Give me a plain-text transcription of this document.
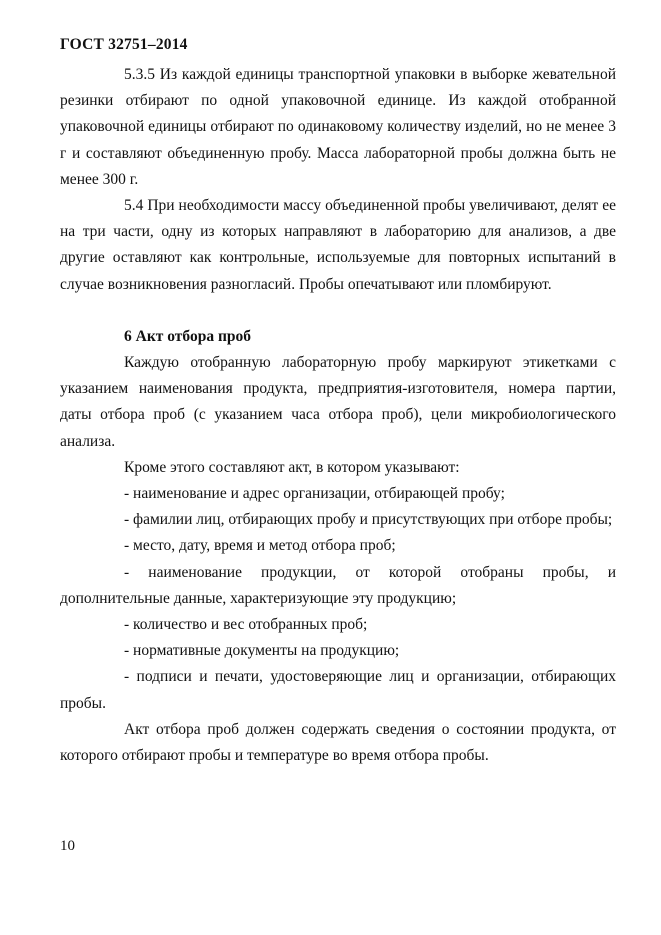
ГОСТ 32751–2014

5.3.5 Из каждой единицы транспортной упаковки в выборке жевательной резинки отбирают по одной упаковочной единице. Из каждой отобранной упаковочной единицы отбирают по одинаковому количеству изделий, но не менее 3 г и составляют объединенную пробу. Масса лабораторной пробы должна быть не менее 300 г.

5.4 При необходимости массу объединенной пробы увеличивают, делят ее на три части, одну из которых направляют в лабораторию для анализов, а две другие оставляют как контрольные, используемые для повторных испытаний в случае возникновения разногласий. Пробы опечатывают или пломбируют.

6 Акт отбора проб

Каждую отобранную лабораторную пробу маркируют этикетками с указанием наименования продукта, предприятия-изготовителя, номера партии, даты отбора проб (с указанием часа отбора проб), цели микробиологического анализа.

Кроме этого составляют акт, в котором указывают:

- наименование и адрес организации, отбирающей пробу;

- фамилии лиц, отбирающих пробу и присутствующих при отборе пробы;

- место, дату, время и метод отбора проб;

- наименование продукции, от которой отобраны пробы, и дополнительные данные, характеризующие эту продукцию;

- количество и вес отобранных проб;

- нормативные документы на продукцию;

- подписи и печати, удостоверяющие лиц и организации, отбирающих пробы.

Акт отбора проб должен содержать сведения о состоянии продукта, от которого отбирают пробы и температуре во время отбора пробы.

10
